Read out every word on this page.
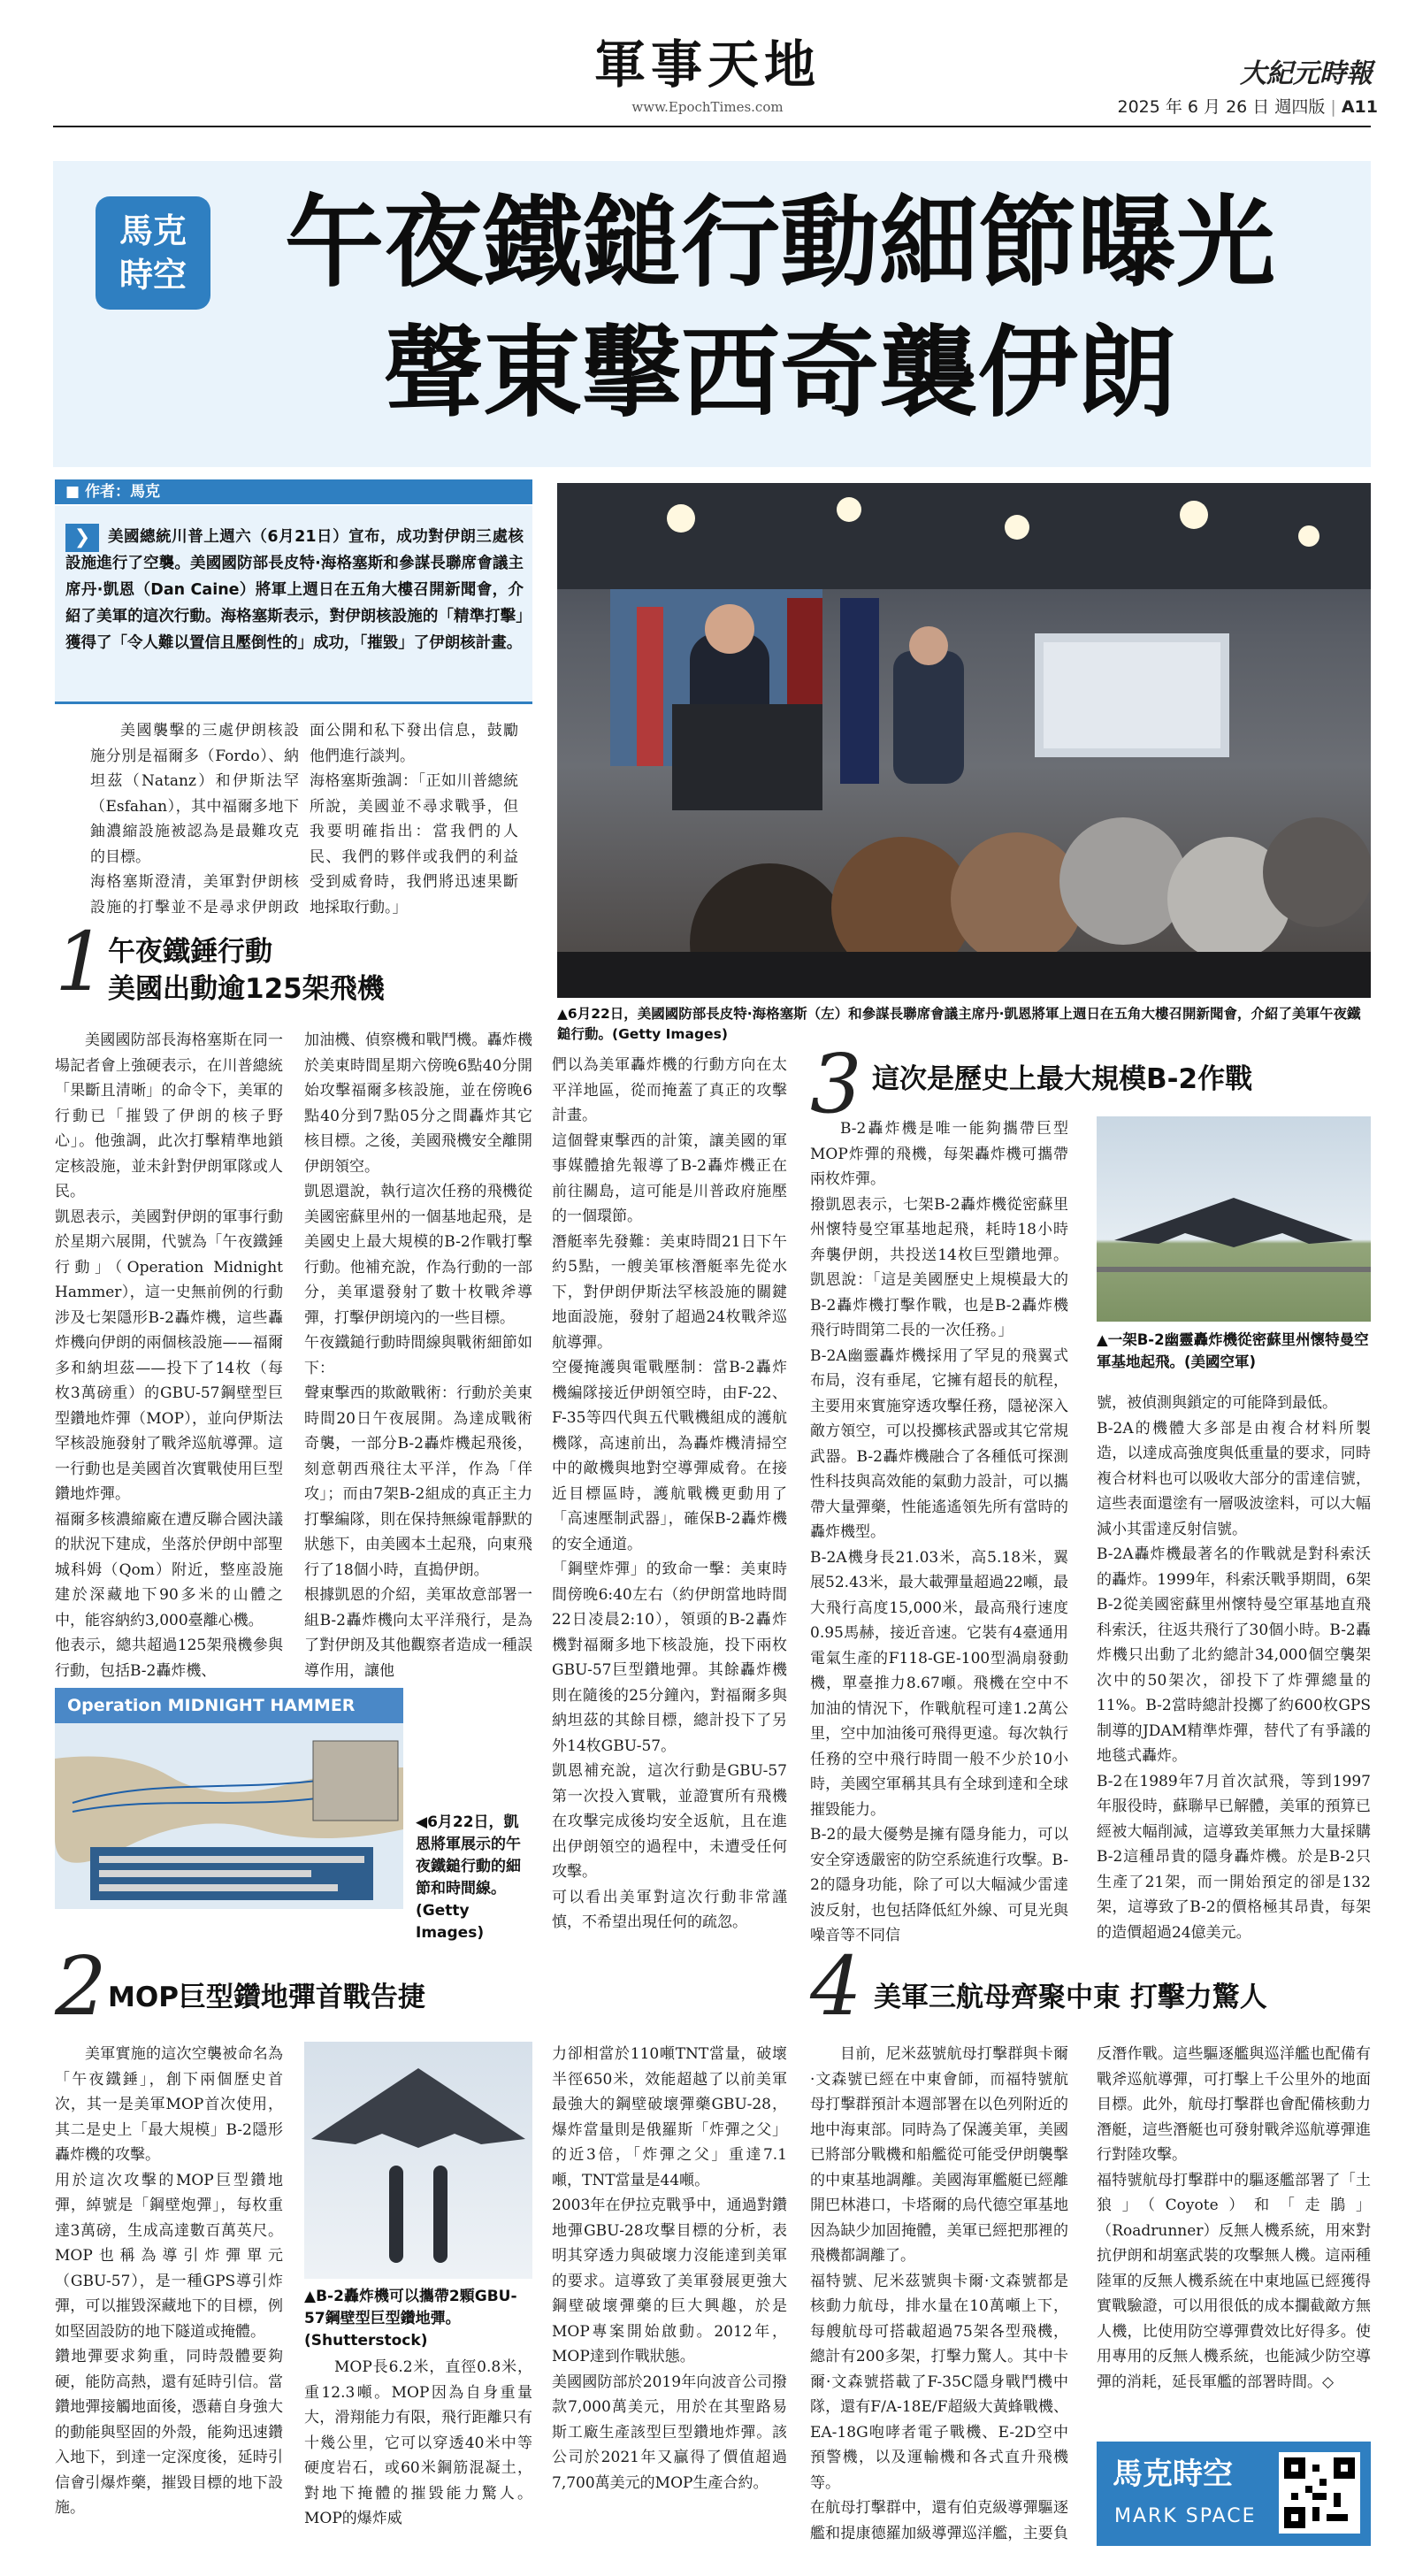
軍事天地
www.EpochTimes.com
大紀元時報
2025 年 6 月 26 日 週四版 | A11
馬克
時空 午夜鐵鎚行動細節曝光
聲東擊西奇襲伊朗
■ 作者：馬克
❯	美國總統川普上週六（6月21日）宣布，成功對伊朗三處核設施進行了空襲。美國國防部長皮特·海格塞斯和參謀長聯席會議主席丹·凱恩（Dan Caine）將軍上週日在五角大樓召開新聞會，介紹了美軍的這次行動。海格塞斯表示，對伊朗核設施的「精準打擊」獲得了「令人難以置信且壓倒性的」成功，「摧毀」了伊朗核計畫。
美國襲擊的三處伊朗核設施分別是福爾多（Fordo）、納坦茲（Natanz）和伊斯法罕（Esfahan），其中福爾多地下鈾濃縮設施被認為是最難攻克的目標。
海格塞斯澄清，美軍對伊朗核設施的打擊並不是尋求伊朗政
面公開和私下發出信息，鼓勵他們進行談判。
海格塞斯強調：「正如川普總統所說，美國並不尋求戰爭，但我要明確指出：當我們的人民、我們的夥伴或我們的利益受到威脅時，我們將迅速果斷地採取行動。」
▲6月22日，美國國防部長皮特·海格塞斯（左）和參謀長聯席會議主席丹·凱恩將軍上週日在五角大樓召開新聞會，介紹了美軍午夜鐵鎚行動。(Getty Images)
1 午夜鐵錘行動
美國出動逾125架飛機
美國國防部長海格塞斯在同一場記者會上強硬表示，在川普總統「果斷且清晰」的命令下，美軍的行動已「摧毀了伊朗的核子野心」。他強調，此次打擊精準地鎖定核設施，並未針對伊朗軍隊或人民。
凱恩表示，美國對伊朗的軍事行動於星期六展開，代號為「午夜鐵錘行動」（Operation Midnight Hammer），這一史無前例的行動涉及七架隱形B-2轟炸機，這些轟炸機向伊朗的兩個核設施——福爾多和納坦茲——投下了14枚（每枚3萬磅重）的GBU-57鋼壁型巨型鑽地炸彈（MOP），並向伊斯法罕核設施發射了戰斧巡航導彈。這一行動也是美國首次實戰使用巨型鑽地炸彈。
福爾多核濃縮廠在遭反聯合國決議的狀況下建成，坐落於伊朗中部聖城科姆（Qom）附近，整座設施建於深藏地下90多米的山體之中，能容納約3,000臺離心機。
他表示，總共超過125架飛機參與行動，包括B-2轟炸機、
加油機、偵察機和戰鬥機。轟炸機於美東時間星期六傍晚6點40分開始攻擊福爾多核設施，並在傍晚6點40分到7點05分之間轟炸其它核目標。之後，美國飛機安全離開伊朗領空。
凱恩還說，執行這次任務的飛機從美國密蘇里州的一個基地起飛，是美國史上最大規模的B-2作戰打擊行動。他補充說，作為行動的一部分，美軍還發射了數十枚戰斧導彈，打擊伊朗境內的一些目標。
午夜鐵鎚行動時間線與戰術細節如下：
聲東擊西的欺敵戰術：行動於美東時間20日午夜展開。為達成戰術奇襲，一部分B-2轟炸機起飛後，刻意朝西飛往太平洋，作為「佯攻」；而由7架B-2組成的真正主力打擊編隊，則在保持無線電靜默的狀態下，由美國本土起飛，向東飛行了18個小時，直搗伊朗。
根據凱恩的介紹，美軍故意部署一組B-2轟炸機向太平洋飛行，是為了對伊朗及其他觀察者造成一種誤導作用，讓他
們以為美軍轟炸機的行動方向在太平洋地區，從而掩蓋了真正的攻擊計畫。
這個聲東擊西的計策，讓美國的軍事媒體搶先報導了B-2轟炸機正在前往關島，這可能是川普政府施壓的一個環節。
潛艇率先發難：美東時間21日下午約5點，一艘美軍核潛艇率先從水下，對伊朗伊斯法罕核設施的關鍵地面設施，發射了超過24枚戰斧巡航導彈。
空優掩護與電戰壓制：當B-2轟炸機編隊接近伊朗領空時，由F-22、F-35等四代與五代戰機組成的護航機隊，高速前出，為轟炸機清掃空中的敵機與地對空導彈威脅。在接近目標區時，護航戰機更動用了「高速壓制武器」，確保B-2轟炸機的安全通道。
「鋼壁炸彈」的致命一擊：美東時間傍晚6:40左右（約伊朗當地時間22日凌晨2:10），領頭的B-2轟炸機對福爾多地下核設施，投下兩枚GBU-57巨型鑽地彈。其餘轟炸機則在隨後的25分鐘內，對福爾多與納坦茲的其餘目標，總計投下了另外14枚GBU-57。
凱恩補充說，這次行動是GBU-57第一次投入實戰，並證實所有飛機在攻擊完成後均安全返航，且在進出伊朗領空的過程中，未遭受任何攻擊。
可以看出美軍對這次行動非常謹慎，不希望出現任何的疏忽。
Operation MIDNIGHT HAMMER
◀6月22日，凱恩將軍展示的午夜鐵鎚行動的細節和時間線。(Getty Images)
2 MOP巨型鑽地彈首戰告捷
美軍實施的這次空襲被命名為「午夜鐵錘」，創下兩個歷史首次，其一是美軍MOP首次使用，其二是史上「最大規模」B-2隱形轟炸機的攻擊。
用於這次攻擊的MOP巨型鑽地彈，綽號是「鋼壁炮彈」，每枚重達3萬磅，生成高達數百萬英尺。MOP也稱為導引炸彈單元（GBU-57），是一種GPS導引炸彈，可以摧毀深藏地下的目標，例如堅固設防的地下隧道或掩體。
鑽地彈要求夠重，同時殼體要夠硬，能防高熱，還有延時引信。當鑽地彈接觸地面後，憑藉自身強大的動能與堅固的外殼，能夠迅速鑽入地下，到達一定深度後，延時引信會引爆炸藥，摧毀目標的地下設施。
▲B-2轟炸機可以攜帶2顆GBU-57鋼壁型巨型鑽地彈。(Shutterstock)
MOP長6.2米，直徑0.8米，重12.3噸。MOP因為自身重量大，滑翔能力有限，飛行距離只有十幾公里，它可以穿透40米中等硬度岩石，或60米鋼筋混凝土，對地下掩體的摧毀能力驚人。MOP的爆炸威
力卻相當於110噸TNT當量，破壞半徑650米，效能超越了以前美軍最強大的鋼壁破壞彈藥GBU-28，爆炸當量則是俄羅斯「炸彈之父」的近3倍，「炸彈之父」重達7.1噸，TNT當量是44噸。
2003年在伊拉克戰爭中，通過對鑽地彈GBU-28攻擊目標的分析，表明其穿透力與破壞力沒能達到美軍的要求。這導致了美軍發展更強大鋼壁破壞彈藥的巨大興趣，於是MOP專案開始啟動。2012年，MOP達到作戰狀態。
美國國防部於2019年向波音公司撥款7,000萬美元，用於在其聖路易斯工廠生產該型巨型鑽地炸彈。該公司於2021年又贏得了價值超過7,700萬美元的MOP生產合約。
3 這次是歷史上最大規模B-2作戰
B-2轟炸機是唯一能夠攜帶巨型MOP炸彈的飛機，每架轟炸機可攜帶兩枚炸彈。
撥凱恩表示，七架B-2轟炸機從密蘇里州懷特曼空軍基地起飛，耗時18小時奔襲伊朗，共投送14枚巨型鑽地彈。凱恩說：「這是美國歷史上規模最大的B-2轟炸機打擊作戰，也是B-2轟炸機飛行時間第二長的一次任務。」
B-2A幽靈轟炸機採用了罕見的飛翼式布局，沒有垂尾，它擁有超長的航程，主要用來實施穿透攻擊任務，隱祕深入敵方領空，可以投擲核武器或其它常規武器。B-2轟炸機融合了各種低可探測性科技與高效能的氣動力設計，可以攜帶大量彈藥，性能遙遙領先所有當時的轟炸機型。
B-2A機身長21.03米，高5.18米，翼展52.43米，最大載彈量超過22噸，最大飛行高度15,000米，最高飛行速度0.95馬赫，接近音速。它裝有4臺通用電氣生產的F118-GE-100型渦扇發動機，單臺推力8.67噸。飛機在空中不加油的情況下，作戰航程可達1.2萬公里，空中加油後可飛得更遠。每次執行任務的空中飛行時間一般不少於10小時，美國空軍稱其具有全球到達和全球摧毀能力。
B-2的最大優勢是擁有隱身能力，可以安全穿透嚴密的防空系統進行攻擊。B-2的隱身功能，除了可以大幅減少雷達波反射，也包括降低紅外線、可見光與噪音等不同信
▲一架B-2幽靈轟炸機從密蘇里州懷特曼空軍基地起飛。(美國空軍)
號，被偵測與鎖定的可能降到最低。
B-2A的機體大多部是由複合材料所製造，以達成高強度與低重量的要求，同時複合材料也可以吸收大部分的雷達信號，這些表面還塗有一層吸波塗料，可以大幅減小其雷達反射信號。
B-2A轟炸機最著名的作戰就是對科索沃的轟炸。1999年，科索沃戰爭期間，6架B-2從美國密蘇里州懷特曼空軍基地直飛科索沃，往返共飛行了30個小時。B-2轟炸機只出動了北約總計34,000個空襲架次中的50架次，卻投下了炸彈總量的11%。B-2當時總計投擲了約600枚GPS制導的JDAM精準炸彈，替代了有爭議的地毯式轟炸。
B-2在1989年7月首次試飛，等到1997年服役時，蘇聯早已解體，美軍的預算已經被大幅削減，這導致美軍無力大量採購B-2這種昂貴的隱身轟炸機。於是B-2只生產了21架，而一開始預定的卻是132架，這導致了B-2的價格極其昂貴，每架的造價超過24億美元。
4 美軍三航母齊聚中東 打擊力驚人
目前，尼米茲號航母打擊群與卡爾·文森號已經在中東會師，而福特號航母打擊群預計本週部署在以色列附近的地中海東部。同時為了保護美軍，美國已將部分戰機和船艦從可能受伊朗襲擊的中東基地調離。美國海軍艦艇已經離開巴林港口，卡塔爾的烏代德空軍基地因為缺少加固掩體，美軍已經把那裡的飛機都調離了。
福特號、尼米茲號與卡爾·文森號都是核動力航母，排水量在10萬噸上下，每艘航母可搭載超過75架各型飛機，總計有200多架，打擊力驚人。其中卡爾·文森號搭載了F-35C隱身戰鬥機中隊，還有F/A-18E/F超級大黃蜂戰機、EA-18G咆哮者電子戰機、E-2D空中預警機，以及運輸機和各式直升飛機等。
在航母打擊群中，還有伯克級導彈驅逐艦和提康德羅加級導彈巡洋艦，主要負
反潛作戰。這些驅逐艦與巡洋艦也配備有戰斧巡航導彈，可打擊上千公里外的地面目標。此外，航母打擊群也會配備核動力潛艇，這些潛艇也可發射戰斧巡航導彈進行對陸攻擊。
福特號航母打擊群中的驅逐艦部署了「土狼」（Coyote）和「走鵑」（Roadrunner）反無人機系統，用來對抗伊朗和胡塞武裝的攻擊無人機。這兩種陸軍的反無人機系統在中東地區已經獲得實戰驗證，可以用很低的成本攔截敵方無人機，比使用防空導彈費效比好得多。使用專用的反無人機系統，也能減少防空導彈的消耗，延長軍艦的部署時間。◇
馬克時空
MARK SPACE
